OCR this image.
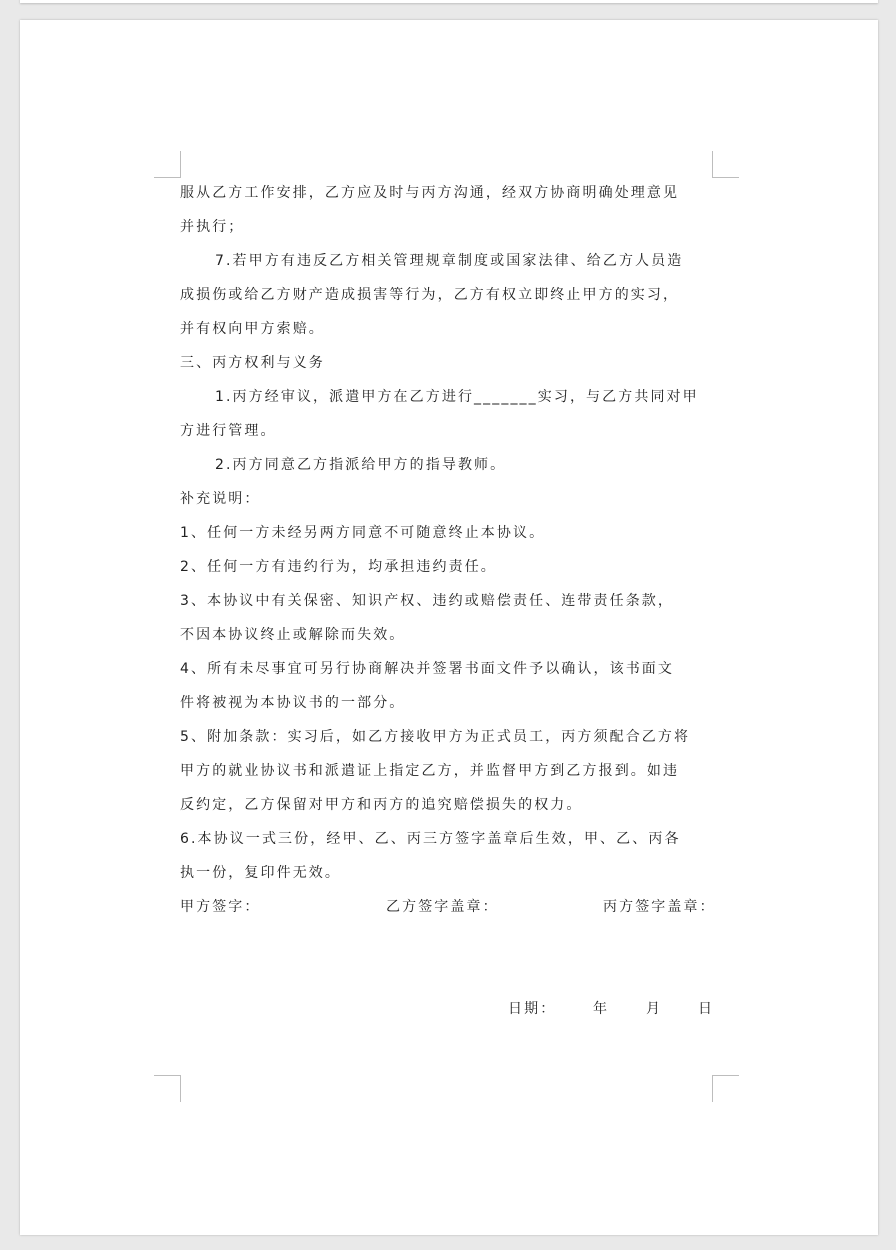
服从乙方工作安排，乙方应及时与丙方沟通，经双方协商明确处理意见

并执行；

7.若甲方有违反乙方相关管理规章制度或国家法律、给乙方人员造

成损伤或给乙方财产造成损害等行为，乙方有权立即终止甲方的实习，

并有权向甲方索赔。

三、丙方权利与义务

1.丙方经审议，派遣甲方在乙方进行_______实习，与乙方共同对甲

方进行管理。

2.丙方同意乙方指派给甲方的指导教师。

补充说明：

1、任何一方未经另两方同意不可随意终止本协议。

2、任何一方有违约行为，均承担违约责任。

3、本协议中有关保密、知识产权、违约或赔偿责任、连带责任条款，

不因本协议终止或解除而失效。

4、所有未尽事宜可另行协商解决并签署书面文件予以确认，该书面文

件将被视为本协议书的一部分。

5、附加条款：实习后，如乙方接收甲方为正式员工，丙方须配合乙方将

甲方的就业协议书和派遣证上指定乙方，并监督甲方到乙方报到。如违

反约定，乙方保留对甲方和丙方的追究赔偿损失的权力。

6.本协议一式三份，经甲、乙、丙三方签字盖章后生效，甲、乙、丙各

执一份，复印件无效。

甲方签字：	乙方签字盖章：	丙方签字盖章：
日期：	年	月	日
